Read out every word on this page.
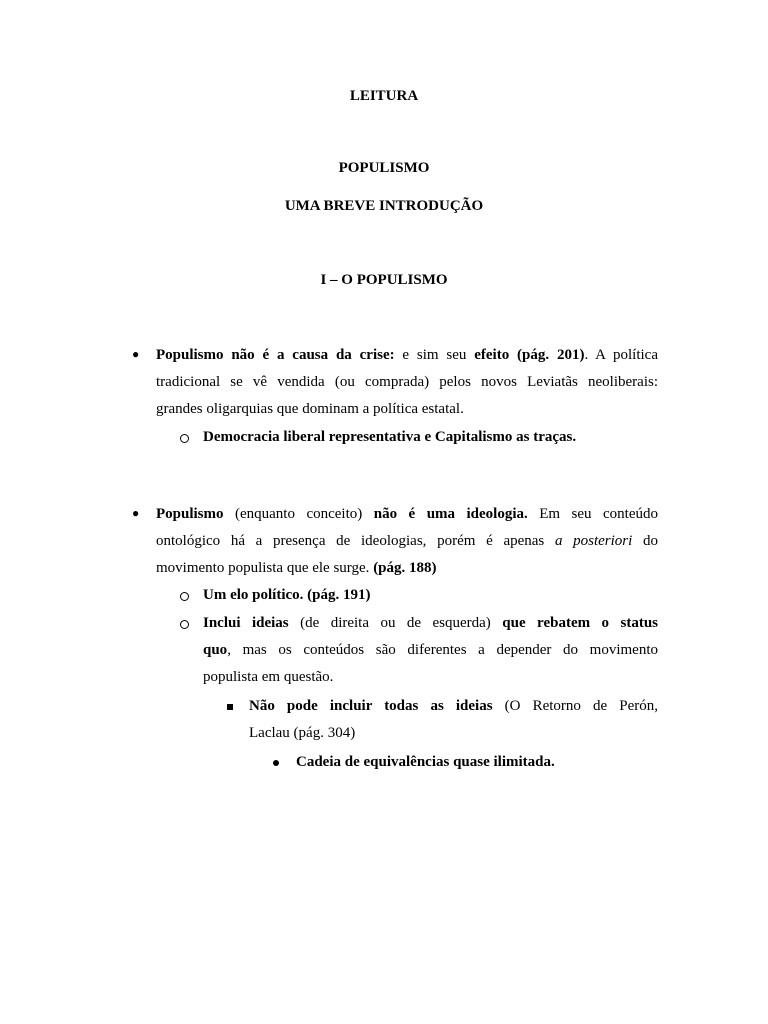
LEITURA
POPULISMO
UMA BREVE INTRODUÇÃO
I – O POPULISMO
● Populismo não é a causa da crise: e sim seu efeito (pág. 201). A política
tradicional se vê vendida (ou comprada) pelos novos Leviatãs neoliberais:
grandes oligarquias que dominam a política estatal.
Democracia liberal representativa e Capitalismo as traças.
● Populismo (enquanto conceito) não é uma ideologia. Em seu conteúdo
ontológico há a presença de ideologias, porém é apenas a posteriori do
movimento populista que ele surge. (pág. 188)
Um elo político. (pág. 191)
Inclui ideias (de direita ou de esquerda) que rebatem o status
quo, mas os conteúdos são diferentes a depender do movimento
populista em questão.
Não pode incluir todas as ideias (O Retorno de Perón,
Laclau (pág. 304)
Cadeia de equivalências quase ilimitada.
